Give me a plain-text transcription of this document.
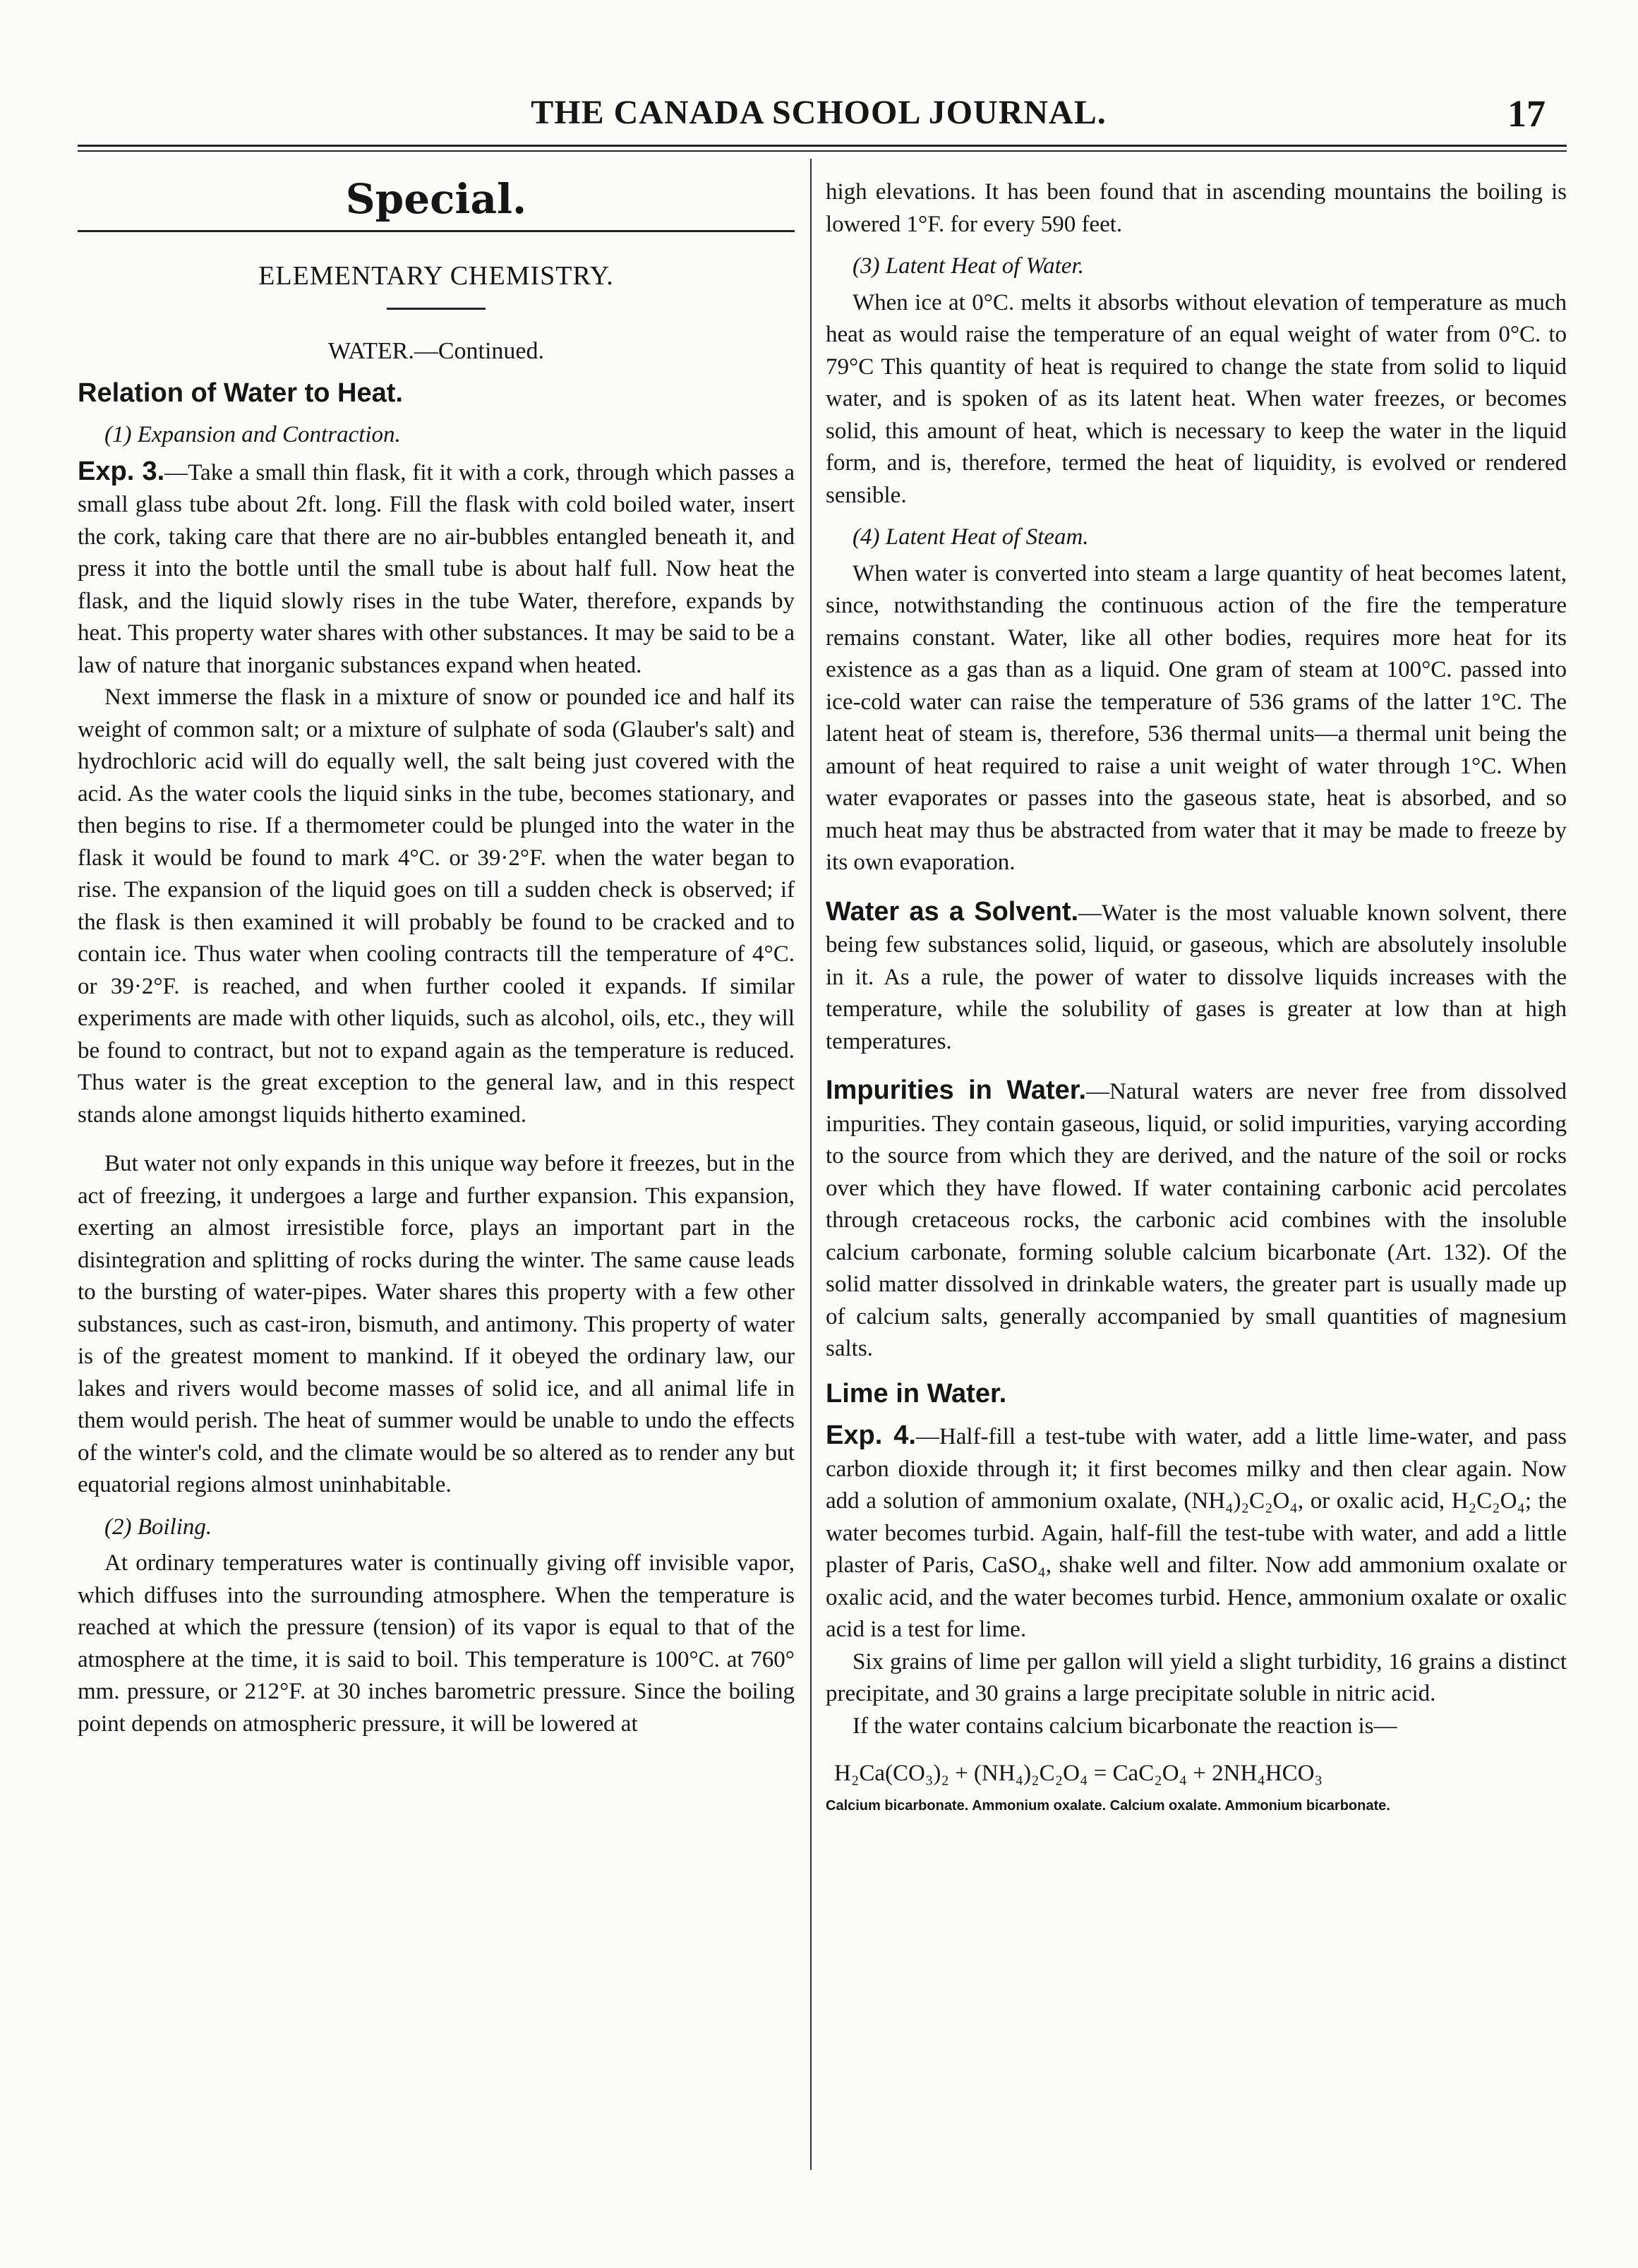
THE CANADA SCHOOL JOURNAL.	17
Special.
ELEMENTARY CHEMISTRY.
WATER.—Continued.
Relation of Water to Heat.
(1) Expansion and Contraction.

Exp. 3.—Take a small thin flask, fit it with a cork, through which passes a small glass tube about 2ft. long. Fill the flask with cold boiled water, insert the cork, taking care that there are no air-bubbles entangled beneath it, and press it into the bottle until the small tube is about half full. Now heat the flask, and the liquid slowly rises in the tube Water, therefore, expands by heat. This property water shares with other substances. It may be said to be a law of nature that inorganic substances expand when heated.

Next immerse the flask in a mixture of snow or pounded ice and half its weight of common salt; or a mixture of sulphate of soda (Glauber's salt) and hydrochloric acid will do equally well, the salt being just covered with the acid. As the water cools the liquid sinks in the tube, becomes stationary, and then begins to rise. If a thermometer could be plunged into the water in the flask it would be found to mark 4°C. or 39·2°F. when the water began to rise. The expansion of the liquid goes on till a sudden check is observed; if the flask is then examined it will probably be found to be cracked and to contain ice. Thus water when cooling contracts till the temperature of 4°C. or 39·2°F. is reached, and when further cooled it expands. If similar experiments are made with other liquids, such as alcohol, oils, etc., they will be found to contract, but not to expand again as the temperature is reduced. Thus water is the great exception to the general law, and in this respect stands alone amongst liquids hitherto examined.

But water not only expands in this unique way before it freezes, but in the act of freezing, it undergoes a large and further expansion. This expansion, exerting an almost irresistible force, plays an important part in the disintegration and splitting of rocks during the winter. The same cause leads to the bursting of water-pipes. Water shares this property with a few other substances, such as cast-iron, bismuth, and antimony. This property of water is of the greatest moment to mankind. If it obeyed the ordinary law, our lakes and rivers would become masses of solid ice, and all animal life in them would perish. The heat of summer would be unable to undo the effects of the winter's cold, and the climate would be so altered as to render any but equatorial regions almost uninhabitable.

(2) Boiling.

At ordinary temperatures water is continually giving off invisible vapor, which diffuses into the surrounding atmosphere. When the temperature is reached at which the pressure (tension) of its vapor is equal to that of the atmosphere at the time, it is said to boil. This temperature is 100°C. at 760° mm. pressure, or 212°F. at 30 inches barometric pressure. Since the boiling point depends on atmospheric pressure, it will be lowered at

high elevations. It has been found that in ascending mountains the boiling is lowered 1°F. for every 590 feet.

(3) Latent Heat of Water.

When ice at 0°C. melts it absorbs without elevation of temperature as much heat as would raise the temperature of an equal weight of water from 0°C. to 79°C This quantity of heat is required to change the state from solid to liquid water, and is spoken of as its latent heat. When water freezes, or becomes solid, this amount of heat, which is necessary to keep the water in the liquid form, and is, therefore, termed the heat of liquidity, is evolved or rendered sensible.

(4) Latent Heat of Steam.

When water is converted into steam a large quantity of heat becomes latent, since, notwithstanding the continuous action of the fire the temperature remains constant. Water, like all other bodies, requires more heat for its existence as a gas than as a liquid. One gram of steam at 100°C. passed into ice-cold water can raise the temperature of 536 grams of the latter 1°C. The latent heat of steam is, therefore, 536 thermal units—a thermal unit being the amount of heat required to raise a unit weight of water through 1°C. When water evaporates or passes into the gaseous state, heat is absorbed, and so much heat may thus be abstracted from water that it may be made to freeze by its own evaporation.

Water as a Solvent.—Water is the most valuable known solvent, there being few substances solid, liquid, or gaseous, which are absolutely insoluble in it. As a rule, the power of water to dissolve liquids increases with the temperature, while the solubility of gases is greater at low than at high temperatures.

Impurities in Water.—Natural waters are never free from dissolved impurities. They contain gaseous, liquid, or solid impurities, varying according to the source from which they are derived, and the nature of the soil or rocks over which they have flowed. If water containing carbonic acid percolates through cretaceous rocks, the carbonic acid combines with the insoluble calcium carbonate, forming soluble calcium bicarbonate (Art. 132). Of the solid matter dissolved in drinkable waters, the greater part is usually made up of calcium salts, generally accompanied by small quantities of magnesium salts.

Lime in Water.

Exp. 4.—Half-fill a test-tube with water, add a little lime-water, and pass carbon dioxide through it; it first becomes milky and then clear again. Now add a solution of ammonium oxalate, (NH₄)₂C₂O₄, or oxalic acid, H₂C₂O₄; the water becomes turbid. Again, half-fill the test-tube with water, and add a little plaster of Paris, CaSO₄, shake well and filter. Now add ammonium oxalate or oxalic acid, and the water becomes turbid. Hence, ammonium oxalate or oxalic acid is a test for lime.

Six grains of lime per gallon will yield a slight turbidity, 16 grains a distinct precipitate, and 30 grains a large precipitate soluble in nitric acid.

If the water contains calcium bicarbonate the reaction is—

H₂Ca(CO₃)₂ + (NH₄)₂C₂O₄ = CaC₂O₄ + 2NH₄HCO₃
Calcium bicarbonate. Ammonium oxalate. Calcium oxalate. Ammonium bicarbonate.
